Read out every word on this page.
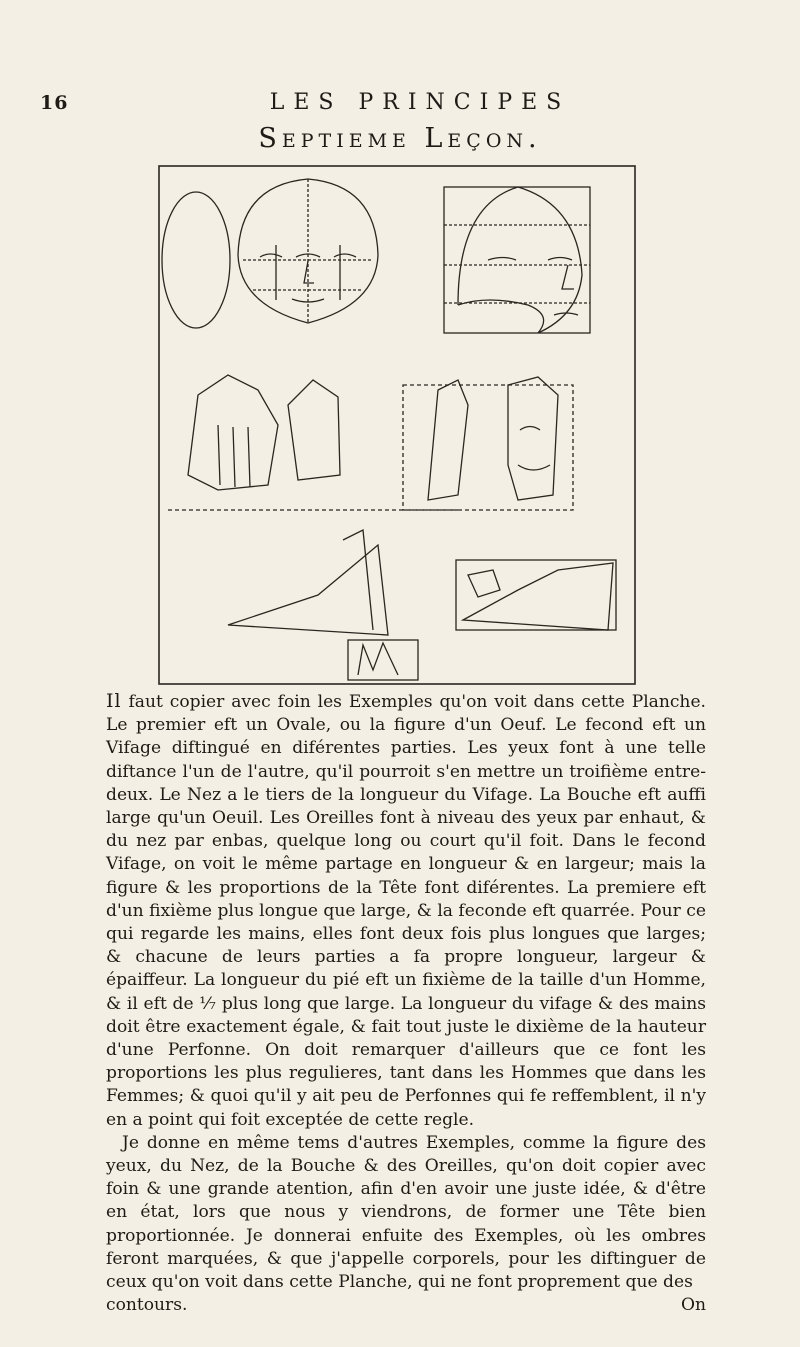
16	LES PRINCIPES
Septieme Leçon.

Il faut copier avec foin les Exemples qu'on voit dans cette Planche. Le premier eft un Ovale, ou la figure d'un Oeuf. Le fecond eft un Vifage diftingué en diférentes parties. Les yeux font à une telle diftance l'un de l'autre, qu'il pourroit s'en mettre un troifième entre-deux. Le Nez a le tiers de la longueur du Vifage. La Bouche eft auffi large qu'un Oeuil. Les Oreilles font à niveau des yeux par enhaut, & du nez par enbas, quelque long ou court qu'il foit. Dans le fecond Vifage, on voit le même partage en longueur & en largeur; mais la figure & les proportions de la Tête font diférentes. La premiere eft d'un fixième plus longue que large, & la feconde eft quarrée. Pour ce qui regarde les mains, elles font deux fois plus longues que larges; & chacune de leurs parties a fa propre longueur, largeur & épaiffeur. La longueur du pié eft un fixième de la taille d'un Homme, & il eft de ⅐ plus long que large. La longueur du vifage & des mains doit être exactement égale, & fait tout juste le dixième de la hauteur d'une Perfonne. On doit remarquer d'ailleurs que ce font les proportions les plus regulieres, tant dans les Hommes que dans les Femmes; & quoi qu'il y ait peu de Perfonnes qui fe reffemblent, il n'y en a point qui foit exceptée de cette regle.

Je donne en même tems d'autres Exemples, comme la figure des yeux, du Nez, de la Bouche & des Oreilles, qu'on doit copier avec foin & une grande atention, afin d'en avoir une juste idée, & d'être en état, lors que nous y viendrons, de former une Tête bien proportionnée. Je donnerai enfuite des Exemples, où les ombres feront marquées, & que j'appelle corporels, pour les diftinguer de ceux qu'on voit dans cette Planche, qui ne font proprement que des

contours.	On
